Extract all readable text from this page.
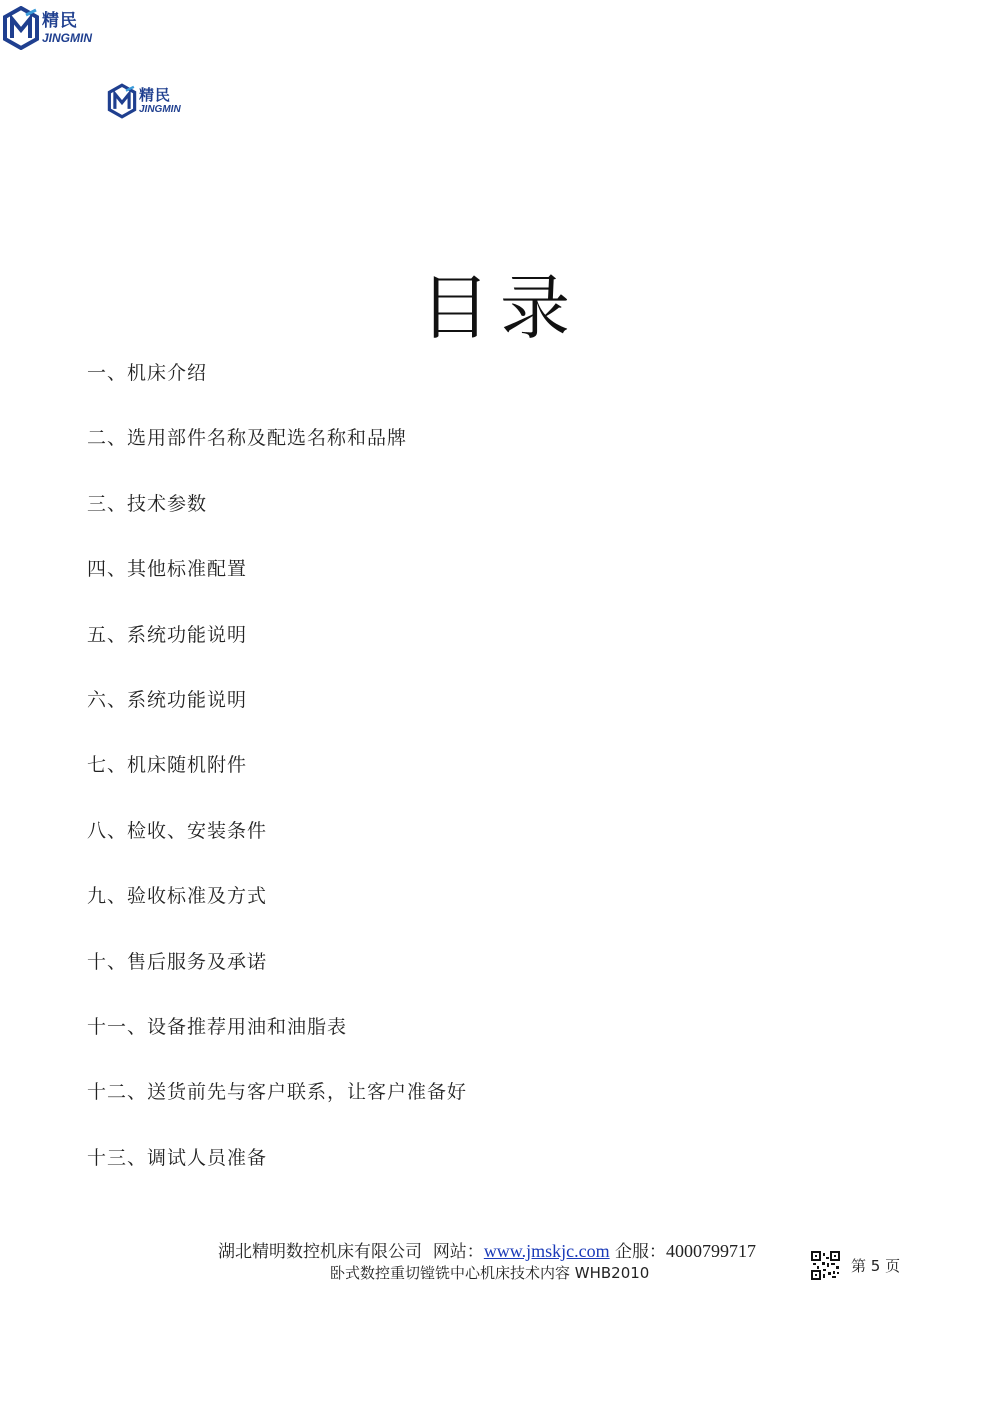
精民
JINGMIN
精民
JINGMIN
目录
一、机床介绍
二、选用部件名称及配选名称和品牌
三、技术参数
四、其他标准配置
五、系统功能说明
六、系统功能说明
七、机床随机附件
八、检收、安装条件
九、验收标准及方式
十、售后服务及承诺
十一、设备推荐用油和油脂表
十二、送货前先与客户联系，让客户准备好
十三、调试人员准备
湖北精明数控机床有限公司 网站：www.jmskjc.com 企服：4000799717
卧式数控重切镗铣中心机床技术内容 WHB2010	第 5 页
